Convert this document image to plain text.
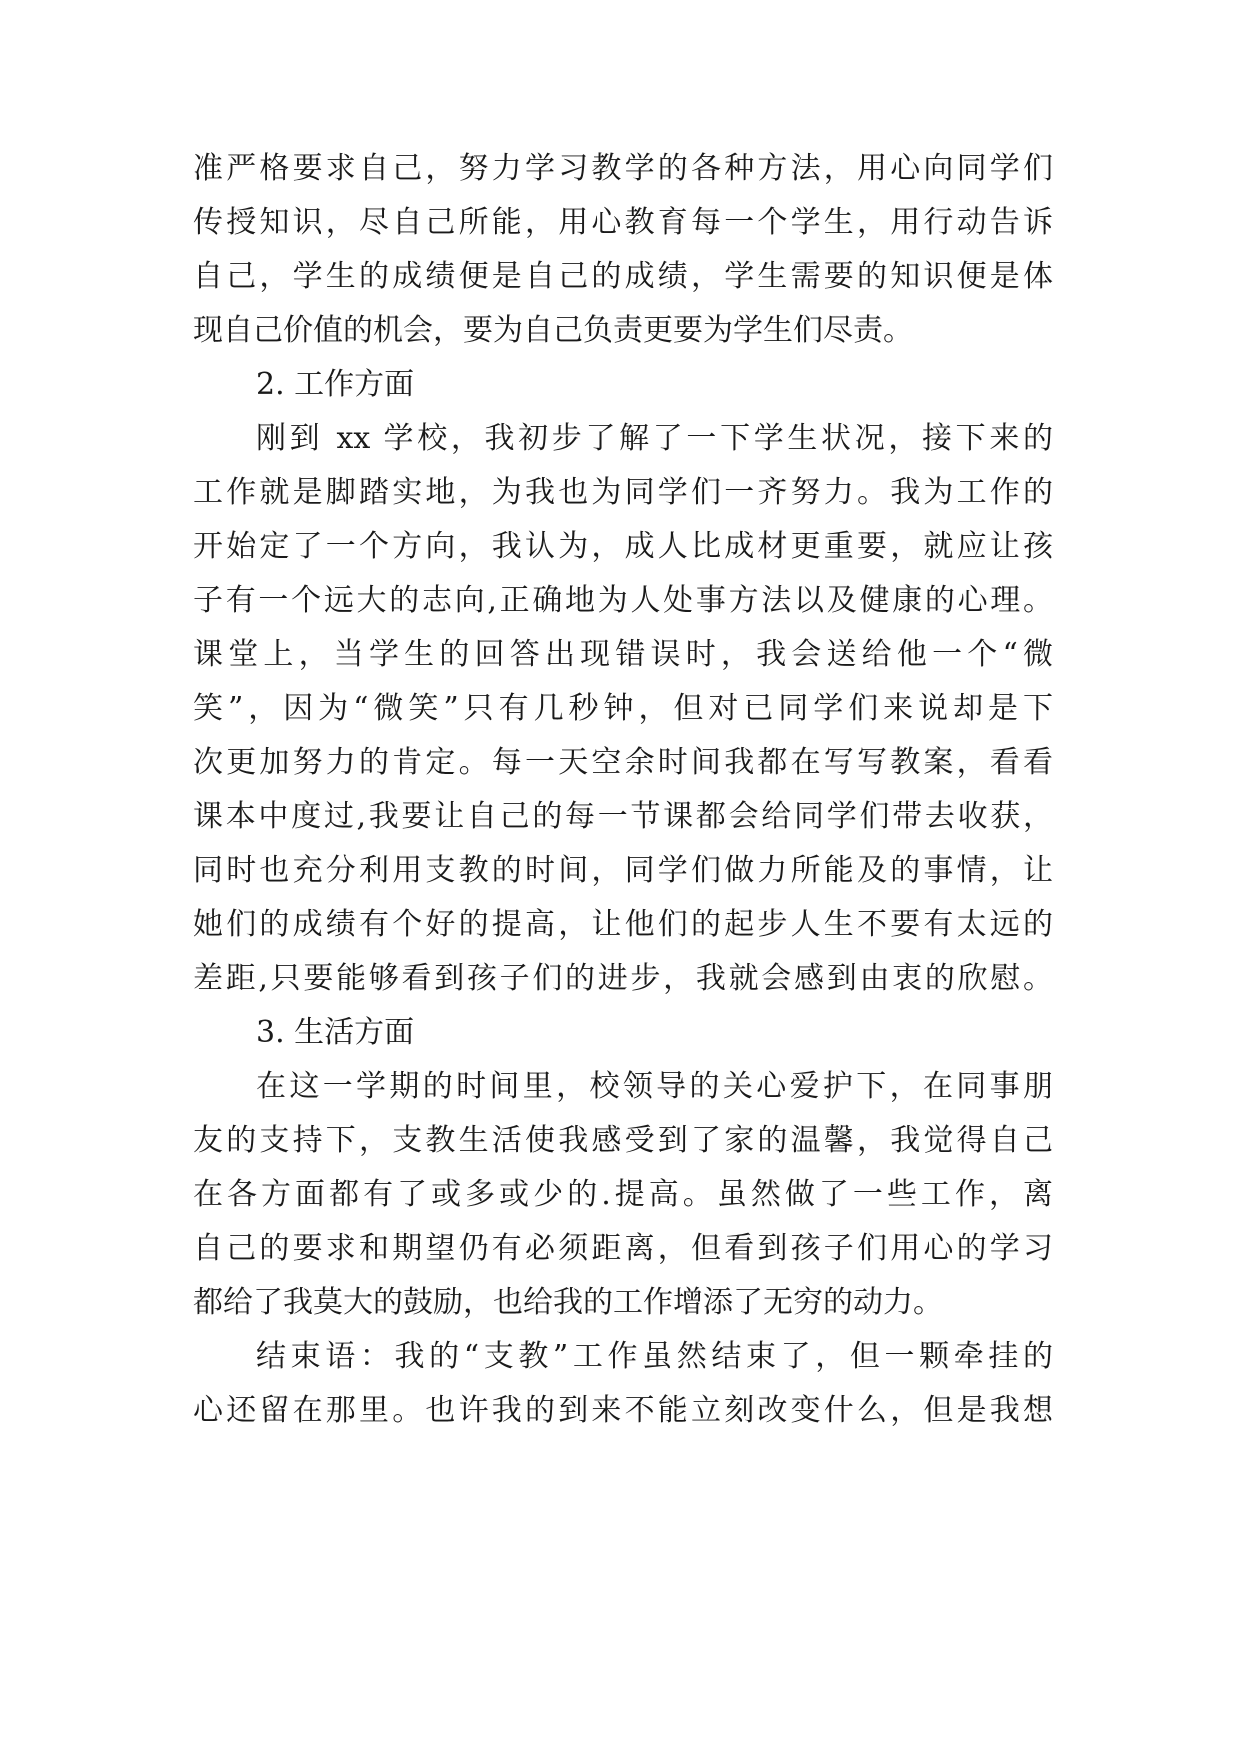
准严格要求自己，努力学习教学的各种方法，用心向同学们
传授知识，尽自己所能，用心教育每一个学生，用行动告诉
自己，学生的成绩便是自己的成绩，学生需要的知识便是体
现自己价值的机会，要为自己负责更要为学生们尽责。
2. 工作方面
刚到 xx 学校，我初步了解了一下学生状况，接下来的
工作就是脚踏实地，为我也为同学们一齐努力。我为工作的
开始定了一个方向，我认为，成人比成材更重要，就应让孩
子有一个远大的志向,正确地为人处事方法以及健康的心理。
课堂上，当学生的回答出现错误时，我会送给他一个“微
笑”，因为“微笑”只有几秒钟，但对已同学们来说却是下
次更加努力的肯定。每一天空余时间我都在写写教案，看看
课本中度过,我要让自己的每一节课都会给同学们带去收获，
同时也充分利用支教的时间，同学们做力所能及的事情，让
她们的成绩有个好的提高，让他们的起步人生不要有太远的
差距,只要能够看到孩子们的进步，我就会感到由衷的欣慰。
3. 生活方面
在这一学期的时间里，校领导的关心爱护下，在同事朋
友的支持下，支教生活使我感受到了家的温馨，我觉得自己
在各方面都有了或多或少的.提高。虽然做了一些工作，离
自己的要求和期望仍有必须距离，但看到孩子们用心的学习
都给了我莫大的鼓励，也给我的工作增添了无穷的动力。
结束语：我的“支教”工作虽然结束了，但一颗牵挂的
心还留在那里。也许我的到来不能立刻改变什么，但是我想
